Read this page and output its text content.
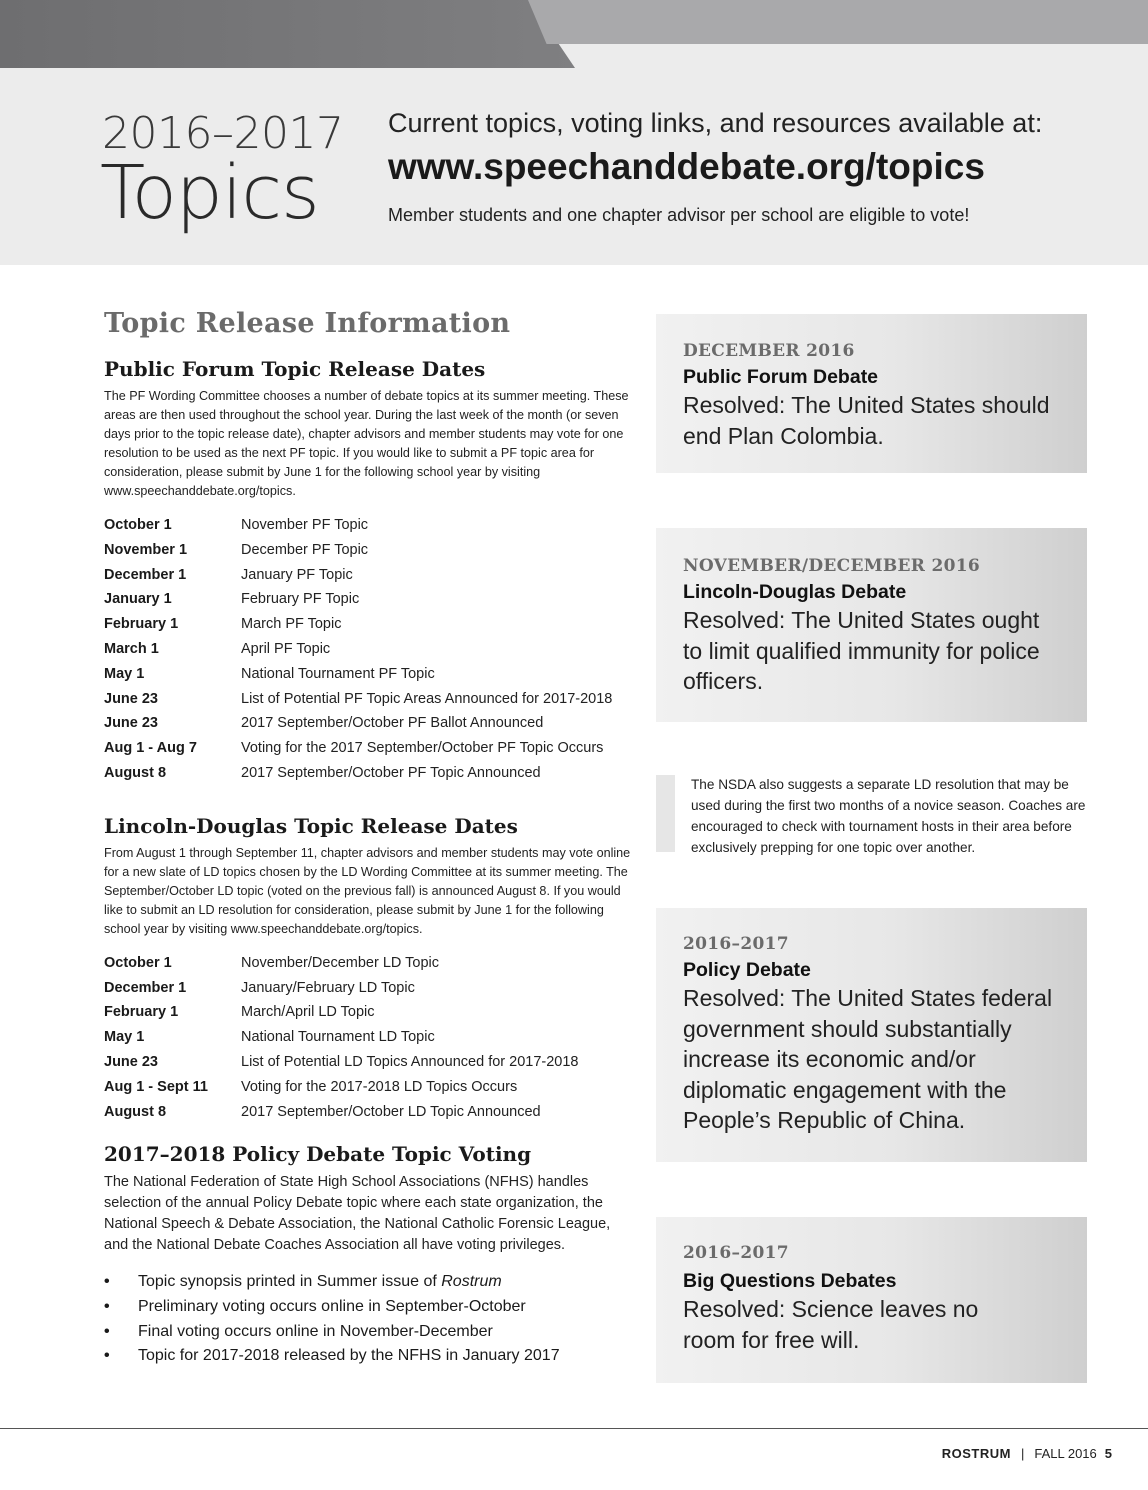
2016–2017
Topics
Current topics, voting links, and resources available at:
www.speechanddebate.org/topics
Member students and one chapter advisor per school are eligible to vote!
Topic Release Information
Public Forum Topic Release Dates

The PF Wording Committee chooses a number of debate topics at its summer meeting. These areas are then used throughout the school year. During the last week of the month (or seven days prior to the topic release date), chapter advisors and member students may vote for one resolution to be used as the next PF topic. If you would like to submit a PF topic area for consideration, please submit by June 1 for the following school year by visiting www.speechanddebate.org/topics.

October 1	November PF Topic
November 1	December PF Topic
December 1	January PF Topic
January 1	February PF Topic
February 1	March PF Topic
March 1	April PF Topic
May 1	National Tournament PF Topic
June 23	List of Potential PF Topic Areas Announced for 2017-2018
June 23	2017 September/October PF Ballot Announced
Aug 1 - Aug 7	Voting for the 2017 September/October PF Topic Occurs
August 8	2017 September/October PF Topic Announced
Lincoln-Douglas Topic Release Dates

From August 1 through September 11, chapter advisors and member students may vote online for a new slate of LD topics chosen by the LD Wording Committee at its summer meeting. The September/October LD topic (voted on the previous fall) is announced August 8. If you would like to submit an LD resolution for consideration, please submit by June 1 for the following school year by visiting www.speechanddebate.org/topics.

October 1	November/December LD Topic
December 1	January/February LD Topic
February 1	March/April LD Topic
May 1	National Tournament LD Topic
June 23	List of Potential LD Topics Announced for 2017-2018
Aug 1 - Sept 11	Voting for the 2017-2018 LD Topics Occurs
August 8	2017 September/October LD Topic Announced
2017–2018 Policy Debate Topic Voting

The National Federation of State High School Associations (NFHS) handles selection of the annual Policy Debate topic where each state organization, the National Speech & Debate Association, the National Catholic Forensic League, and the National Debate Coaches Association all have voting privileges.

•	Topic synopsis printed in Summer issue of Rostrum
•	Preliminary voting occurs online in September-October
•	Final voting occurs online in November-December
•	Topic for 2017-2018 released by the NFHS in January 2017

DECEMBER 2016

Public Forum Debate

Resolved: The United States should end Plan Colombia.

NOVEMBER/DECEMBER 2016

Lincoln-Douglas Debate

Resolved: The United States ought to limit qualified immunity for police officers.

The NSDA also suggests a separate LD resolution that may be used during the first two months of a novice season. Coaches are encouraged to check with tournament hosts in their area before exclusively prepping for one topic over another.

2016–2017

Policy Debate

Resolved: The United States federal government should substantially increase its economic and/or diplomatic engagement with the People’s Republic of China.

2016–2017

Big Questions Debates

Resolved: Science leaves no room for free will.

ROSTRUM | FALL 2016 5
